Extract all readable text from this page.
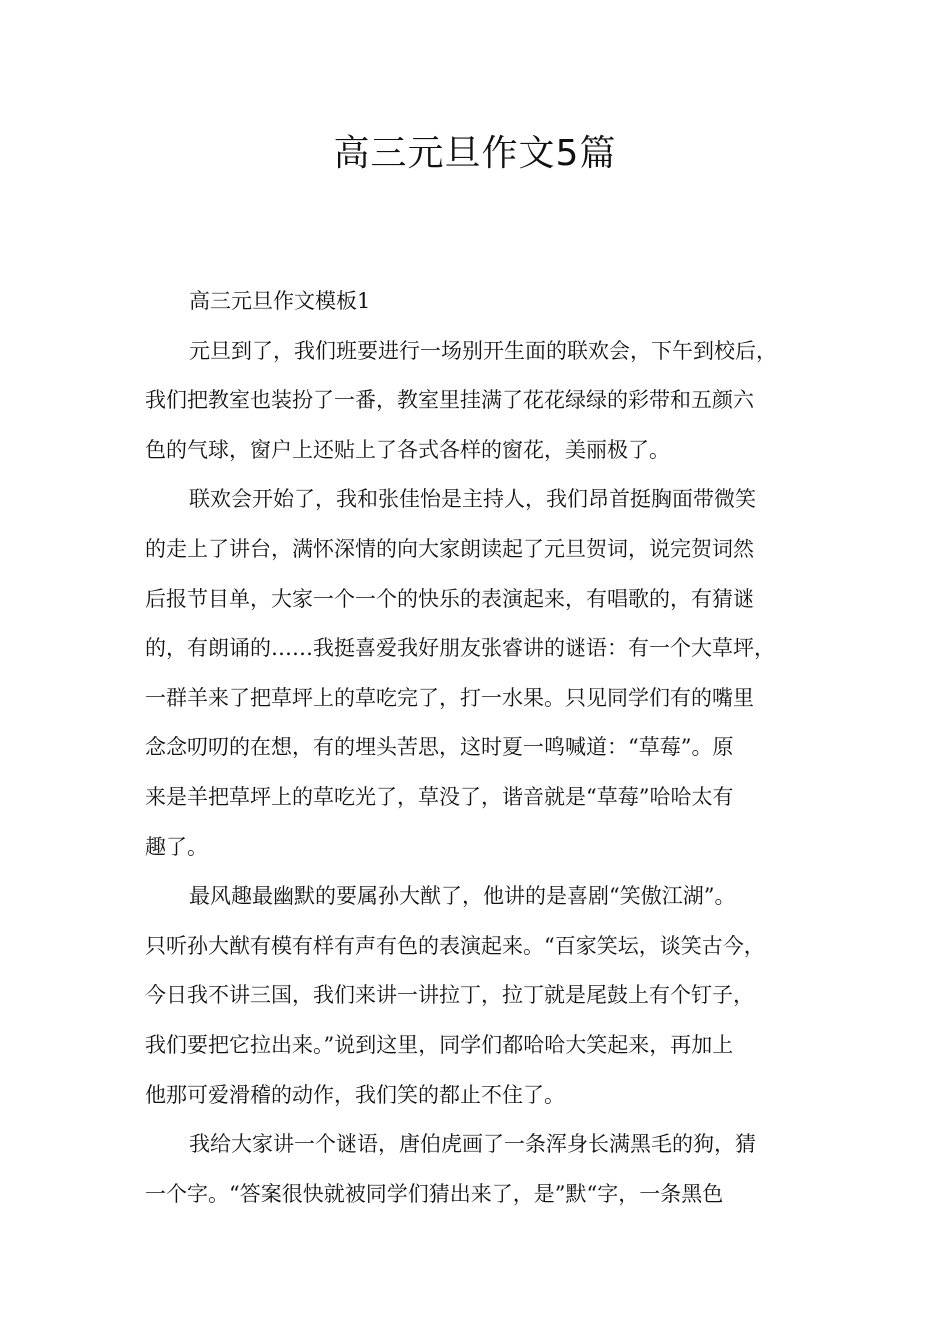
高三元旦作文5篇

高三元旦作文模板1

元旦到了，我们班要进行一场别开生面的联欢会，下午到校后，
我们把教室也装扮了一番，教室里挂满了花花绿绿的彩带和五颜六
色的气球，窗户上还贴上了各式各样的窗花，美丽极了。

联欢会开始了，我和张佳怡是主持人，我们昂首挺胸面带微笑
的走上了讲台，满怀深情的向大家朗读起了元旦贺词，说完贺词然
后报节目单，大家一个一个的快乐的表演起来，有唱歌的，有猜谜
的，有朗诵的……我挺喜爱我好朋友张睿讲的谜语：有一个大草坪，
一群羊来了把草坪上的草吃完了，打一水果。只见同学们有的嘴里
念念叨叨的在想，有的埋头苦思，这时夏一鸣喊道：“草莓”。原
来是羊把草坪上的草吃光了，草没了，谐音就是“草莓”哈哈太有
趣了。

最风趣最幽默的要属孙大猷了，他讲的是喜剧“笑傲江湖”。
只听孙大猷有模有样有声有色的表演起来。“百家笑坛，谈笑古今，
今日我不讲三国，我们来讲一讲拉丁，拉丁就是尾鼓上有个钉子，
我们要把它拉出来。”说到这里，同学们都哈哈大笑起来，再加上
他那可爱滑稽的动作，我们笑的都止不住了。

我给大家讲一个谜语，唐伯虎画了一条浑身长满黑毛的狗，猜
一个字。“答案很快就被同学们猜出来了，是”默“字，一条黑色
